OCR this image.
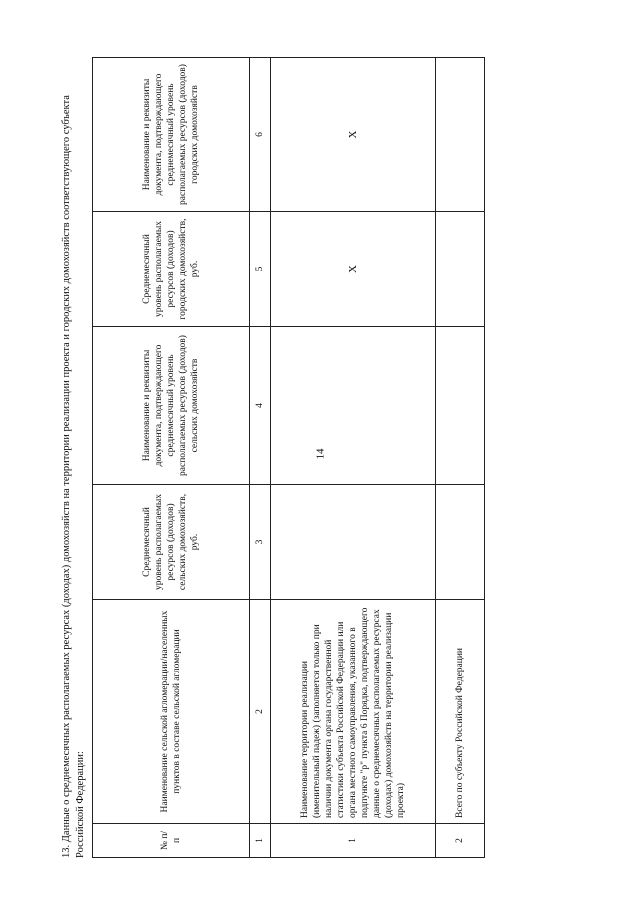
14

13. Данные о среднемесячных располагаемых ресурсах (доходах) домохозяйств на территории реализации проекта и городских домохозяйств соответствующего субъекта Российской Федерации:	№ п/п	Наименование сельской агломерации/населенных пунктов в составе сельской агломерации	Среднемесячный уровень располагаемых ресурсов (доходов) сельских домохозяйств, руб.	Наименование и реквизиты документа, подтверждающего среднемесячный уровень располагаемых ресурсов (доходов) сельских домохозяйств	Среднемесячный уровень располагаемых ресурсов (доходов) городских домохозяйств, руб.	Наименование и реквизиты документа, подтверждающего среднемесячный уровень располагаемых ресурсов (доходов) городских домохозяйств
1	2	3	4	5	6
1	Наименование территории реализации (именительный падеж) (заполняется только при наличии документа органа государственной статистики субъекта Российской Федерации или органа местного самоуправления, указанного в подпункте "р" пункта 6 Порядка, подтверждающего данные о среднемесячных располагаемых ресурсах (доходах) домохозяйств на территории реализации проекта)			X	X
2	Всего по субъекту Российской Федерации				
